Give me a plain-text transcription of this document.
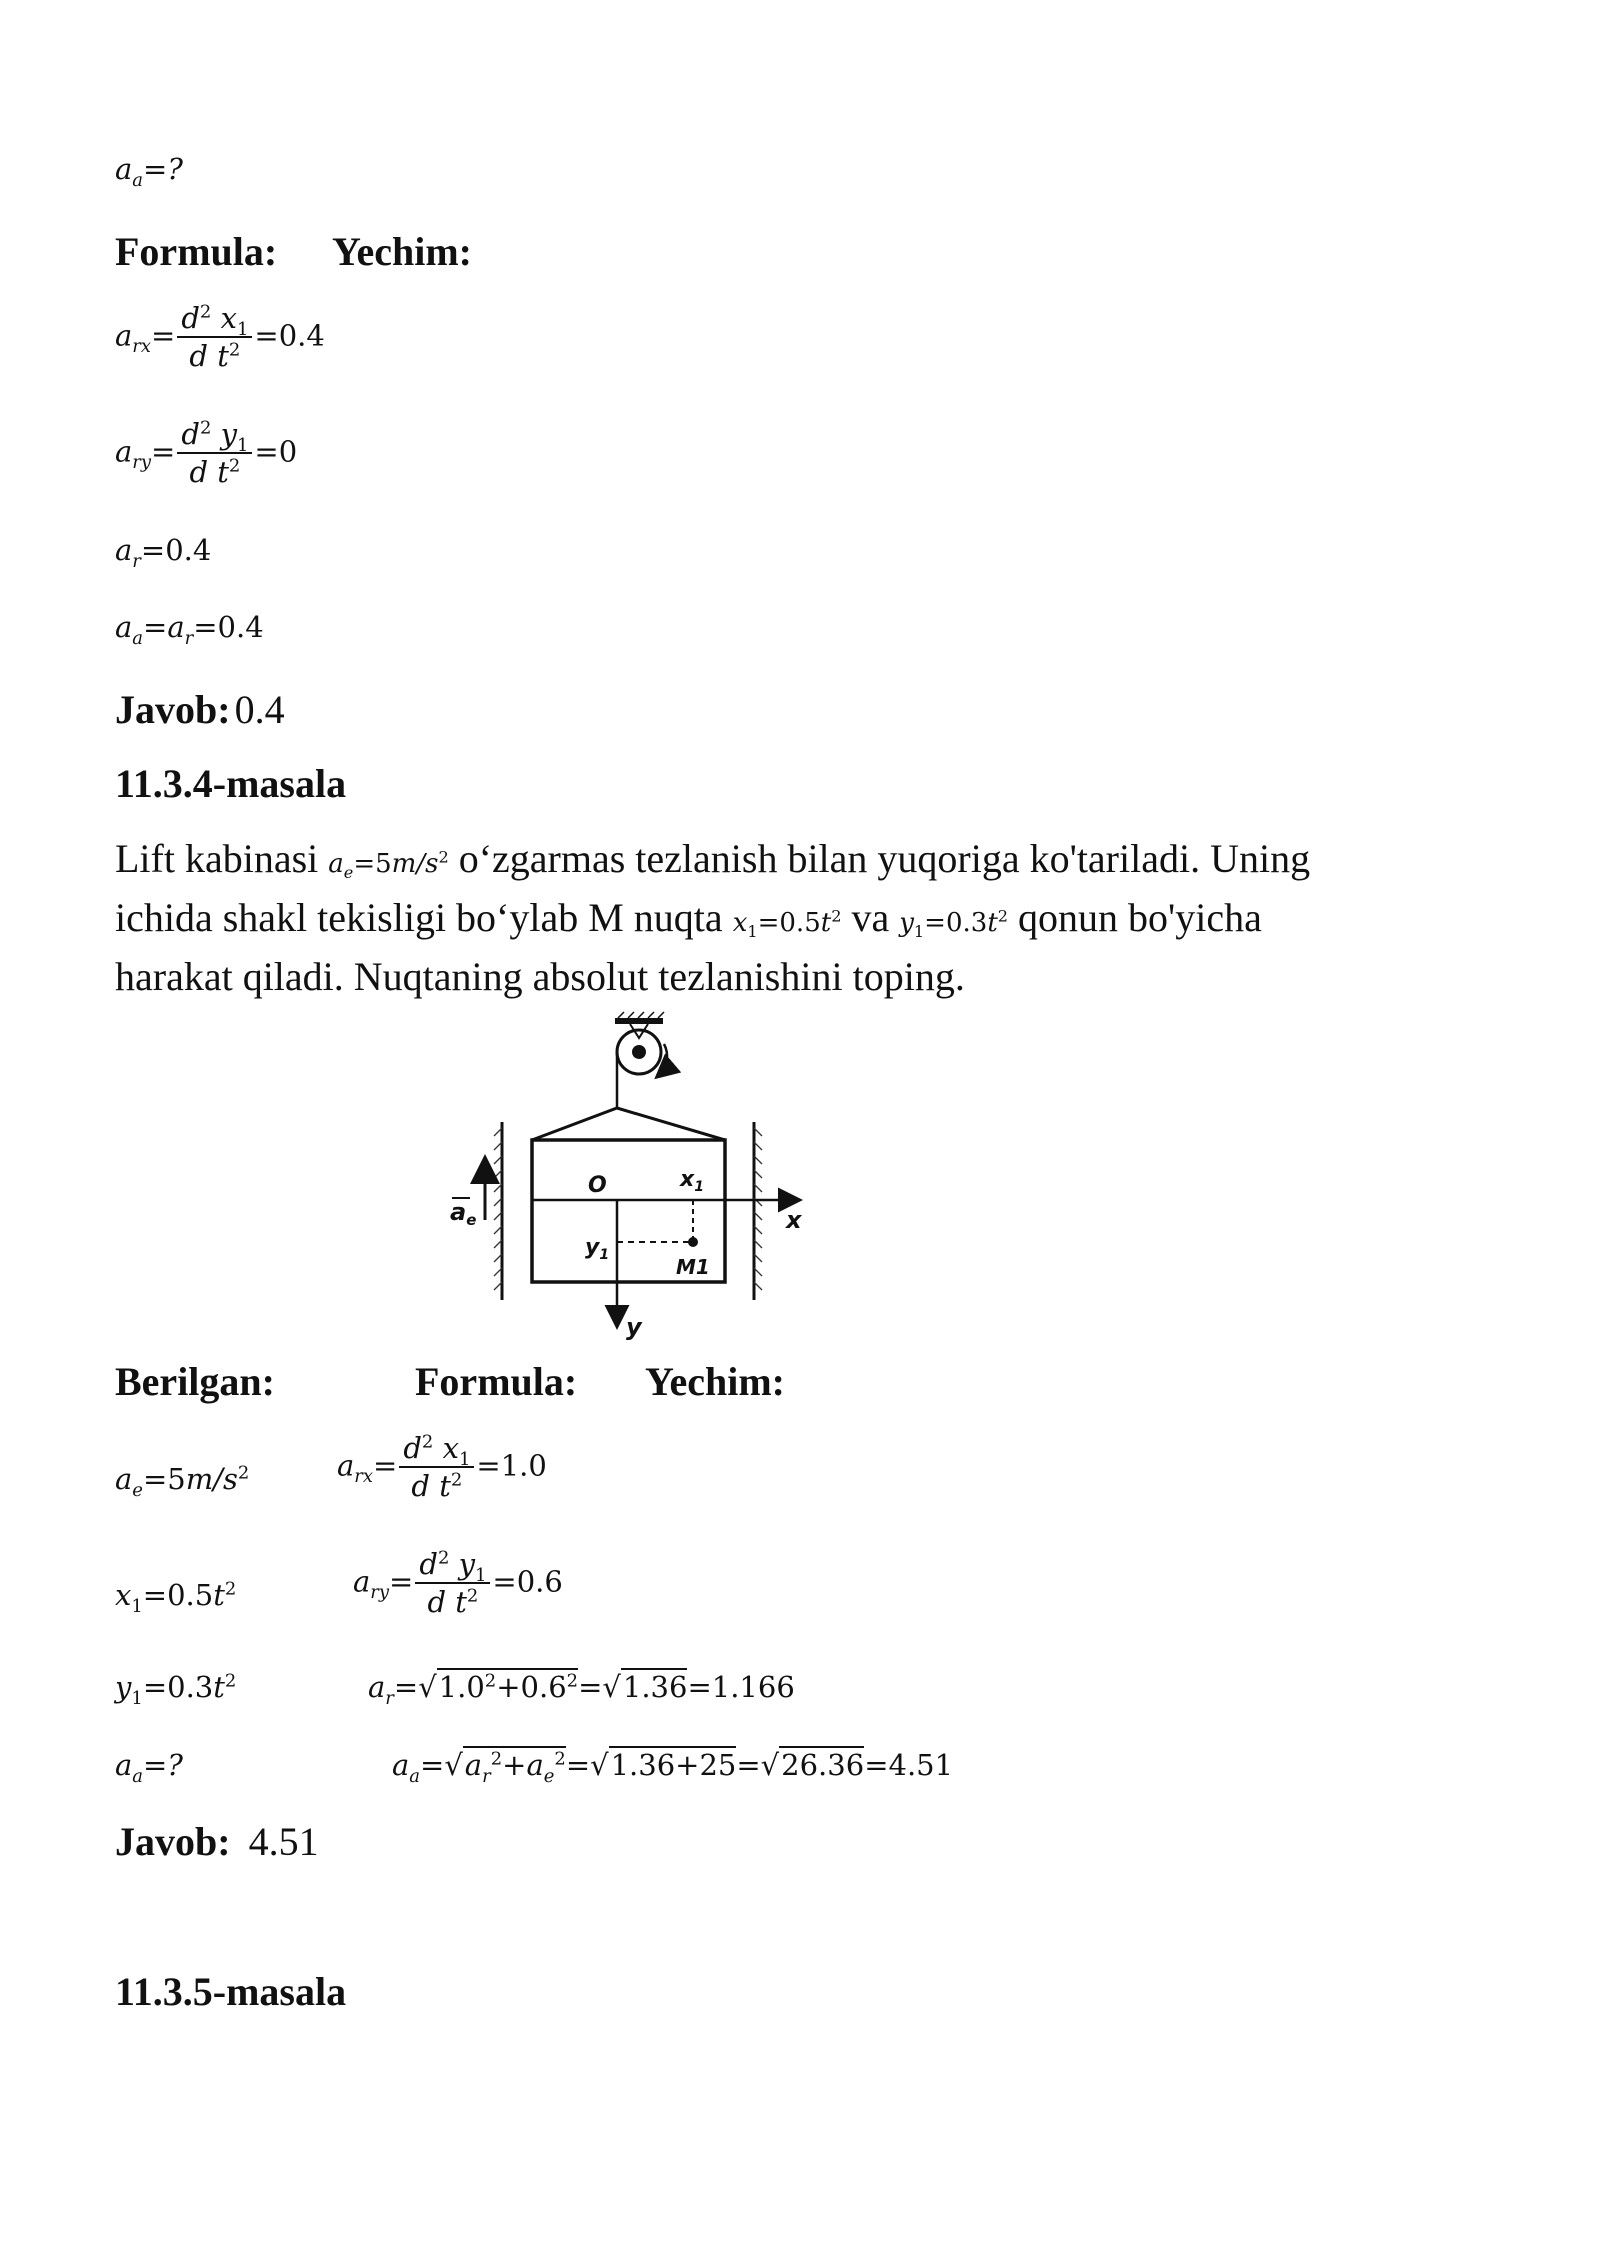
$a_a=$?
Formula: Yechim:
$a_{rx}= \frac{d^2 x_1}{d t^2} =0.4$
$a_{ry}= \frac{d^2 y_1}{d t^2} =0$
$a_r=0.4$
$a_a=a_r=0.4$
Javob: 0.4
11.3.4-masala
Lift kabinasi $a_e=5m/s^2$ o‘zgarmas tezlanish bilan yuqoriga ko'tariladi. Uning
ichida shakl tekisligi bo‘ylab M nuqta $x_1=0.5t^2$ va $y_1=0.3t^2$ qonun bo'yicha
harakat qiladi. Nuqtaning absolut tezlanishini toping.
$a_e$	x
y
O	$x_1$
$y_1$	M1
Berilgan:	Formula: Yechim:
$a_e=5m/s^2$	$a_{rx}= \frac{d^2 x_1}{d t^2} =1.0$
$x_1=0.5t^2$	$a_{ry}= \frac{d^2 y_1}{d t^2} =0.6$
$y_1=0.3t^2$	$a_r=√1.0^2+0.6^2=√1.36=1.166$
$a_a=$?	$a_a=√a_r^2+a_e^2=√1.36+25=√26.36=4.51$
Javob: 4.51
11.3.5-masala
